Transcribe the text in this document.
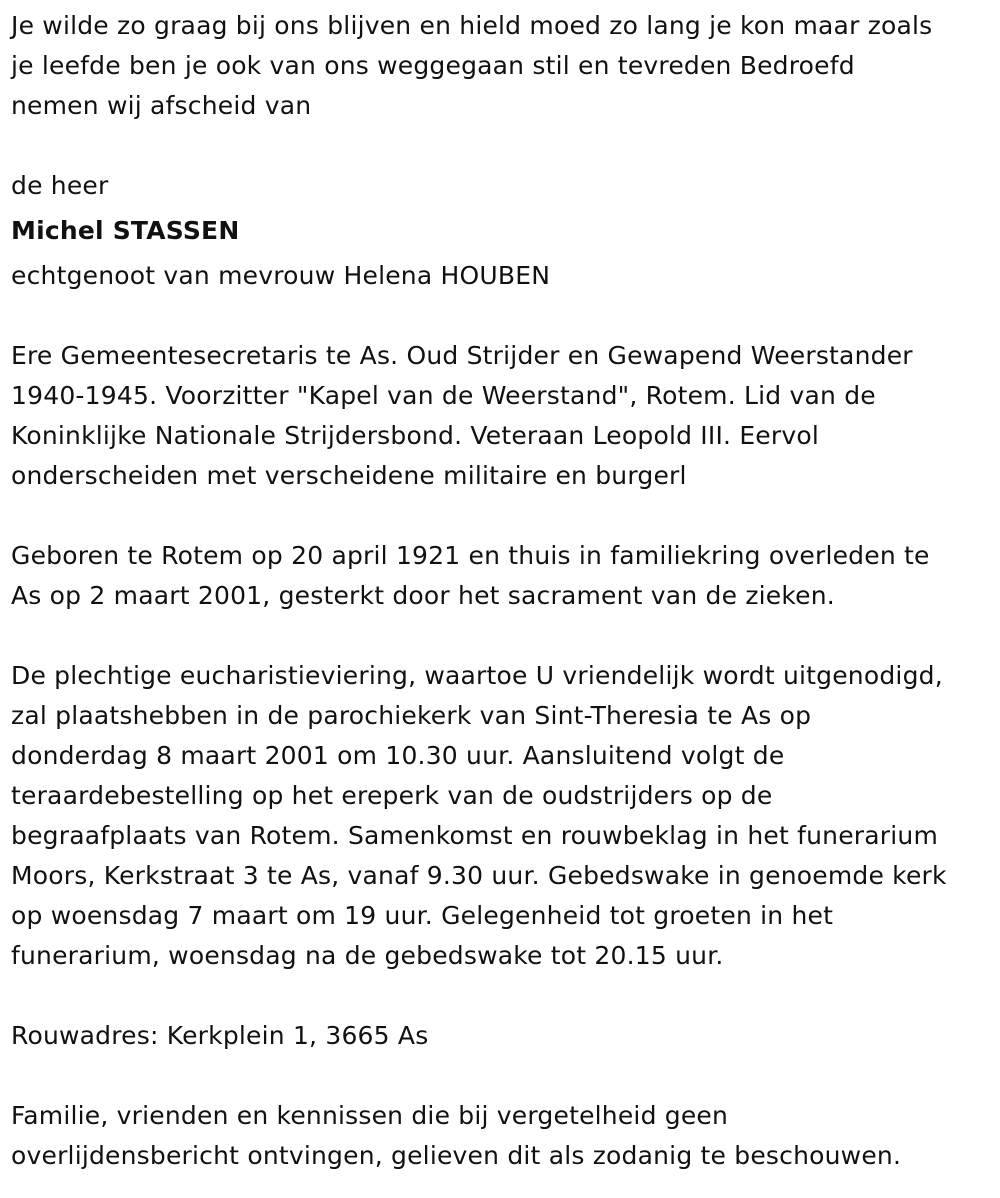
Je wilde zo graag bij ons blijven en hield moed zo lang je kon maar zoals

je leefde ben je ook van ons weggegaan stil en tevreden Bedroefd

nemen wij afscheid van

de heer

Michel STASSEN

echtgenoot van mevrouw Helena HOUBEN

Ere Gemeentesecretaris te As. Oud Strijder en Gewapend Weerstander

1940-1945. Voorzitter "Kapel van de Weerstand", Rotem. Lid van de

Koninklijke Nationale Strijdersbond. Veteraan Leopold III. Eervol

onderscheiden met verscheidene militaire en burgerl

Geboren te Rotem op 20 april 1921 en thuis in familiekring overleden te

As op 2 maart 2001, gesterkt door het sacrament van de zieken.

De plechtige eucharistieviering, waartoe U vriendelijk wordt uitgenodigd,

zal plaatshebben in de parochiekerk van Sint-Theresia te As op

donderdag 8 maart 2001 om 10.30 uur. Aansluitend volgt de

teraardebestelling op het ereperk van de oudstrijders op de

begraafplaats van Rotem. Samenkomst en rouwbeklag in het funerarium

Moors, Kerkstraat 3 te As, vanaf 9.30 uur. Gebedswake in genoemde kerk

op woensdag 7 maart om 19 uur. Gelegenheid tot groeten in het

funerarium, woensdag na de gebedswake tot 20.15 uur.

Rouwadres: Kerkplein 1, 3665 As

Familie, vrienden en kennissen die bij vergetelheid geen

overlijdensbericht ontvingen, gelieven dit als zodanig te beschouwen.
